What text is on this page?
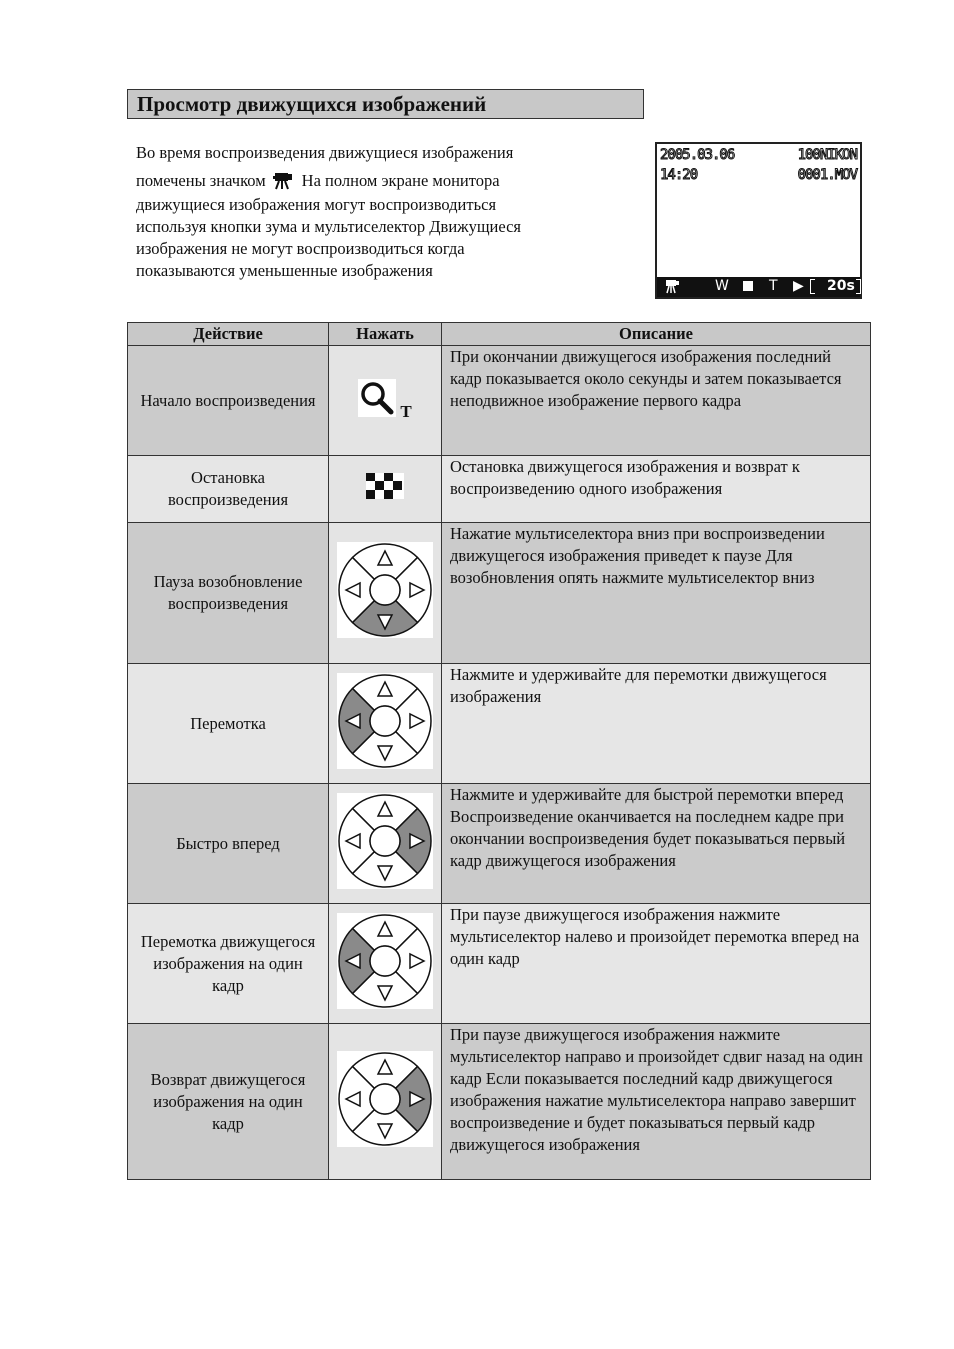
Просмотр движущихся изображений
Во время воспроизведения движущиеся изображения

помечены значком На полном экране монитора
движущиеся изображения могут воспроизводиться
используя кнопки зума и мультиселектор Движущиеся
изображения не могут воспроизводиться когда
показываются уменьшенные изображения
2005.03.06
14:20
100NIKON
0001.MOV
W	T ▶ 20s
Действие	Нажать	Описание
Начало воспроизведения	T	При окончании движущегося изображения последний кадр показывается около секунды и затем показывается неподвижное изображение первого кадра
Остановка воспроизведения		Остановка движущегося изображения и возврат к воспроизведению одного изображения
Пауза возобновление воспроизведения		Нажатие мультиселектора вниз при воспроизведении движущегося изображения приведет к паузе Для возобновления опять нажмите мультиселектор вниз
Перемотка		Нажмите и удерживайте для перемотки движущегося изображения
Быстро вперед		Нажмите и удерживайте для быстрой перемотки вперед Воспроизведение оканчивается на последнем кадре при окончании воспроизведения будет показываться первый кадр движущегося изображения
Перемотка движущегося изображения на один кадр		При паузе движущегося изображения нажмите мультиселектор налево и произойдет перемотка вперед на один кадр
Возврат движущегося изображения на один кадр		При паузе движущегося изображения нажмите мультиселектор направо и произойдет сдвиг назад на один кадр Если показывается последний кадр движущегося изображения нажатие мультиселектора направо завершит воспроизведение и будет показываться первый кадр движущегося изображения
